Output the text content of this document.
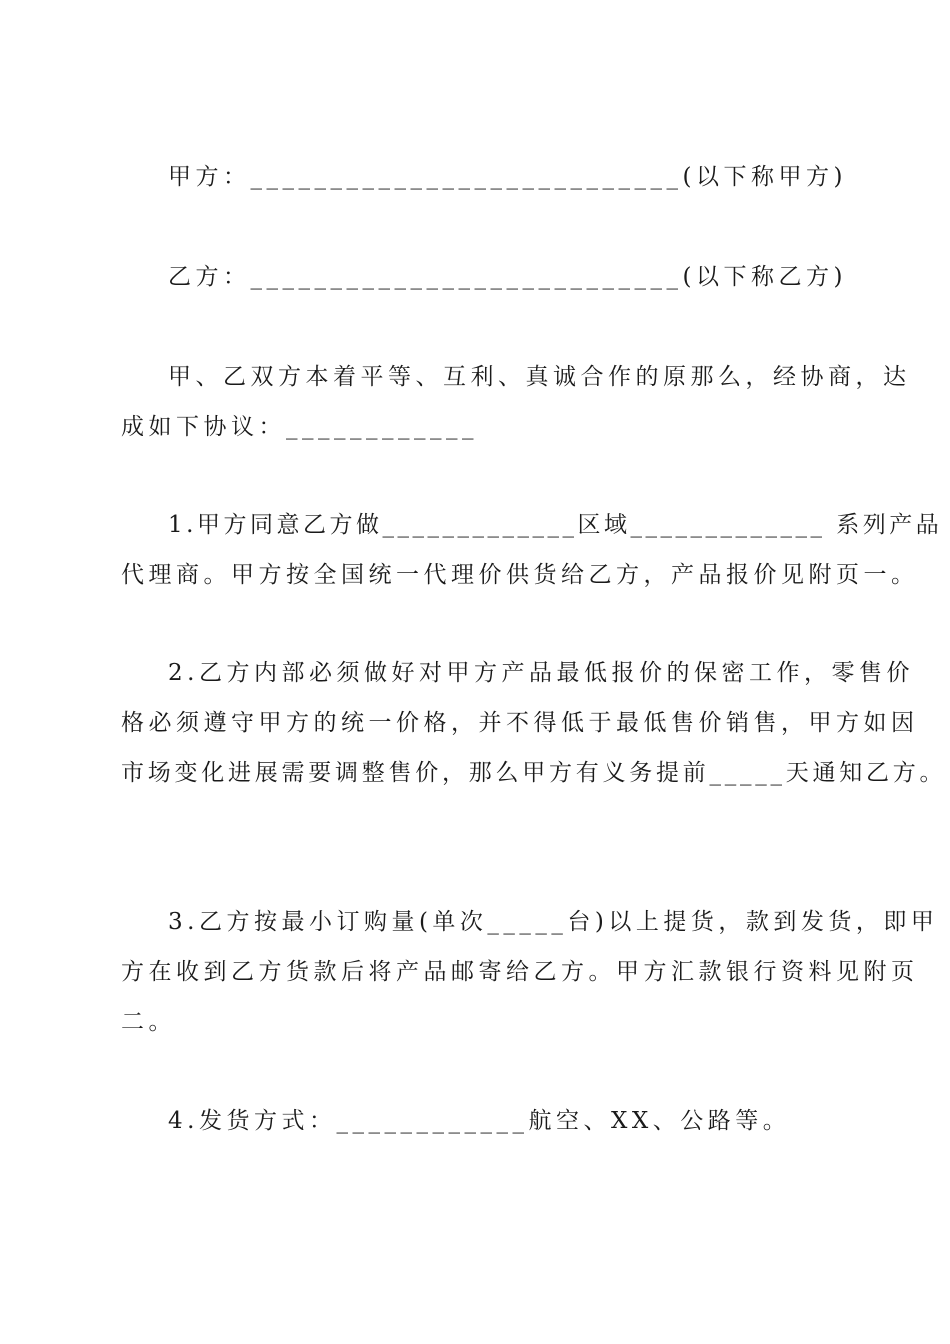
甲方：___________________________(以下称甲方)
乙方：___________________________(以下称乙方)
甲、乙双方本着平等、互利、真诚合作的原那么，经协商，达
成如下协议：____________
1.甲方同意乙方做_____________区域_____________ 系列产品
代理商。甲方按全国统一代理价供货给乙方，产品报价见附页一。
2.乙方内部必须做好对甲方产品最低报价的保密工作，零售价
格必须遵守甲方的统一价格，并不得低于最低售价销售，甲方如因
市场变化进展需要调整售价，那么甲方有义务提前_____天通知乙方。
3.乙方按最小订购量(单次_____台)以上提货，款到发货，即甲
方在收到乙方货款后将产品邮寄给乙方。甲方汇款银行资料见附页
二。
4.发货方式：____________航空、XX、公路等。
